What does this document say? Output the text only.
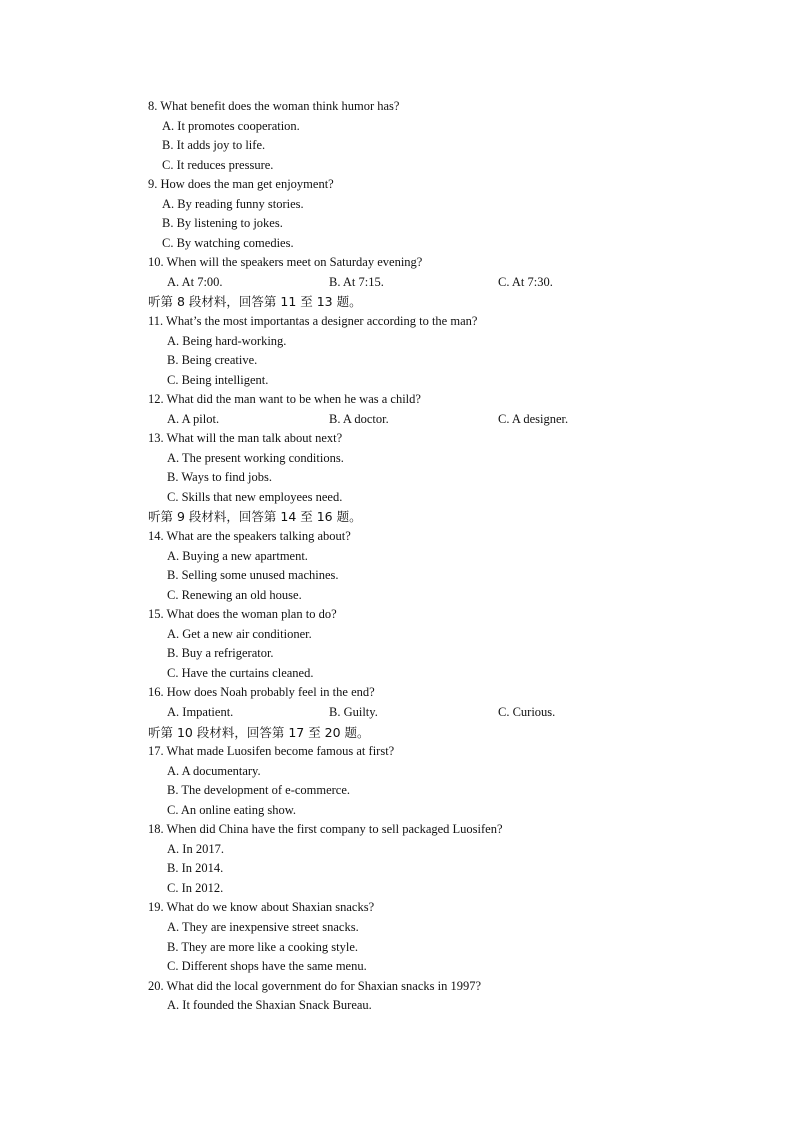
8. What benefit does the woman think humor has?
A. It promotes cooperation.
B. It adds joy to life.
C. It reduces pressure.
9. How does the man get enjoyment?
A. By reading funny stories.
B. By listening to jokes.
C. By watching comedies.
10. When will the speakers meet on Saturday evening?
A. At 7:00.	B. At 7:15.	C. At 7:30.
听第 8 段材料，回答第 11 至 13 题。
11. What’s the most importantas a designer according to the man?
A. Being hard-working.
B. Being creative.
C. Being intelligent.
12. What did the man want to be when he was a child?
A. A pilot.	B. A doctor.	C. A designer.
13. What will the man talk about next?
A. The present working conditions.
B. Ways to find jobs.
C. Skills that new employees need.
听第 9 段材料，回答第 14 至 16 题。
14. What are the speakers talking about?
A. Buying a new apartment.
B. Selling some unused machines.
C. Renewing an old house.
15. What does the woman plan to do?
A. Get a new air conditioner.
B. Buy a refrigerator.
C. Have the curtains cleaned.
16. How does Noah probably feel in the end?
A. Impatient.	B. Guilty.	C. Curious.
听第 10 段材料，回答第 17 至 20 题。
17. What made Luosifen become famous at first?
A. A documentary.
B. The development of e-commerce.
C. An online eating show.
18. When did China have the first company to sell packaged Luosifen?
A. In 2017.
B. In 2014.
C. In 2012.
19. What do we know about Shaxian snacks?
A. They are inexpensive street snacks.
B. They are more like a cooking style.
C. Different shops have the same menu.
20. What did the local government do for Shaxian snacks in 1997?
A. It founded the Shaxian Snack Bureau.
